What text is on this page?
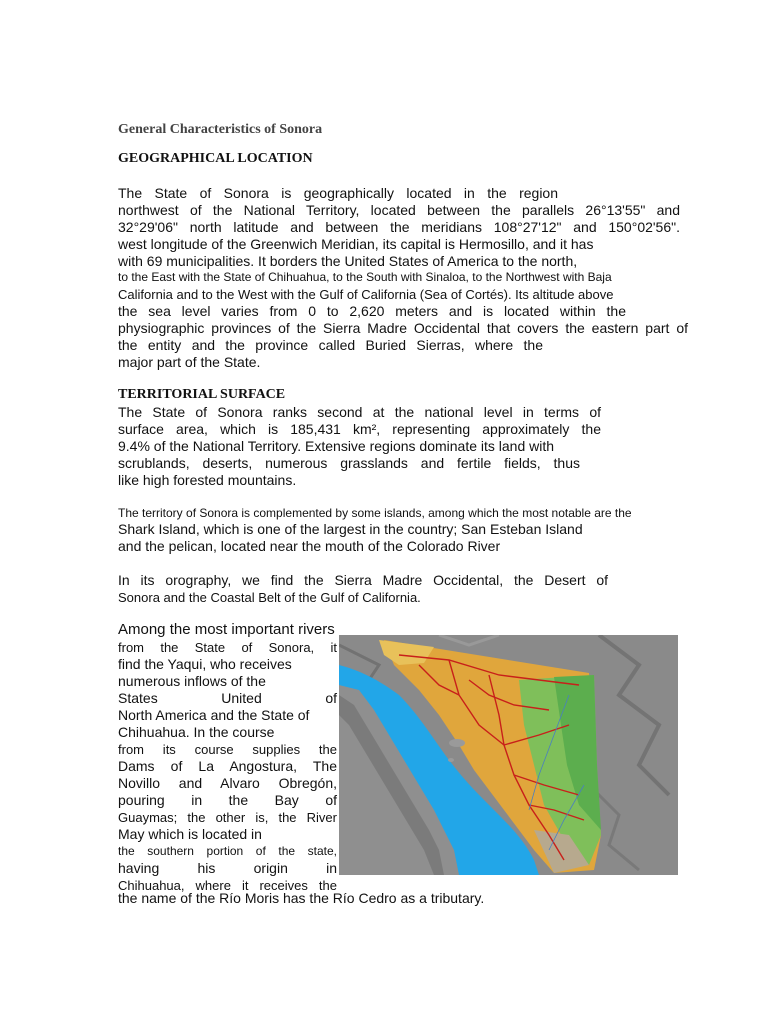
General Characteristics of Sonora
GEOGRAPHICAL LOCATION
The State of Sonora is geographically located in the region
northwest of the National Territory, located between the parallels 26°13'55" and
32°29'06" north latitude and between the meridians 108°27'12" and 150°02'56".
west longitude of the Greenwich Meridian, its capital is Hermosillo, and it has
with 69 municipalities. It borders the United States of America to the north,
to the East with the State of Chihuahua, to the South with Sinaloa, to the Northwest with Baja
California and to the West with the Gulf of California (Sea of Cortés). Its altitude above
the sea level varies from 0 to 2,620 meters and is located within the
physiographic provinces of the Sierra Madre Occidental that covers the eastern part of
the entity and the province called Buried Sierras, where the
major part of the State.
TERRITORIAL SURFACE
The State of Sonora ranks second at the national level in terms of
surface area, which is 185,431 km², representing approximately the
9.4% of the National Territory. Extensive regions dominate its land with
scrublands, deserts, numerous grasslands and fertile fields, thus
like high forested mountains.
The territory of Sonora is complemented by some islands, among which the most notable are the
Shark Island, which is one of the largest in the country; San Esteban Island
and the pelican, located near the mouth of the Colorado River
In its orography, we find the Sierra Madre Occidental, the Desert of
Sonora and the Coastal Belt of the Gulf of California.
Among the most important rivers
from the State of Sonora, it
find the Yaqui, who receives
numerous inflows of the
States United of
North America and the State of
Chihuahua. In the course
from its course supplies the
Dams of La Angostura, The
Novillo and Alvaro Obregón,
pouring in the Bay of
Guaymas; the other is, the River
May which is located in
the southern portion of the state,
having his origin in
Chihuahua, where it receives the
the name of the Río Moris has the Río Cedro as a tributary.
